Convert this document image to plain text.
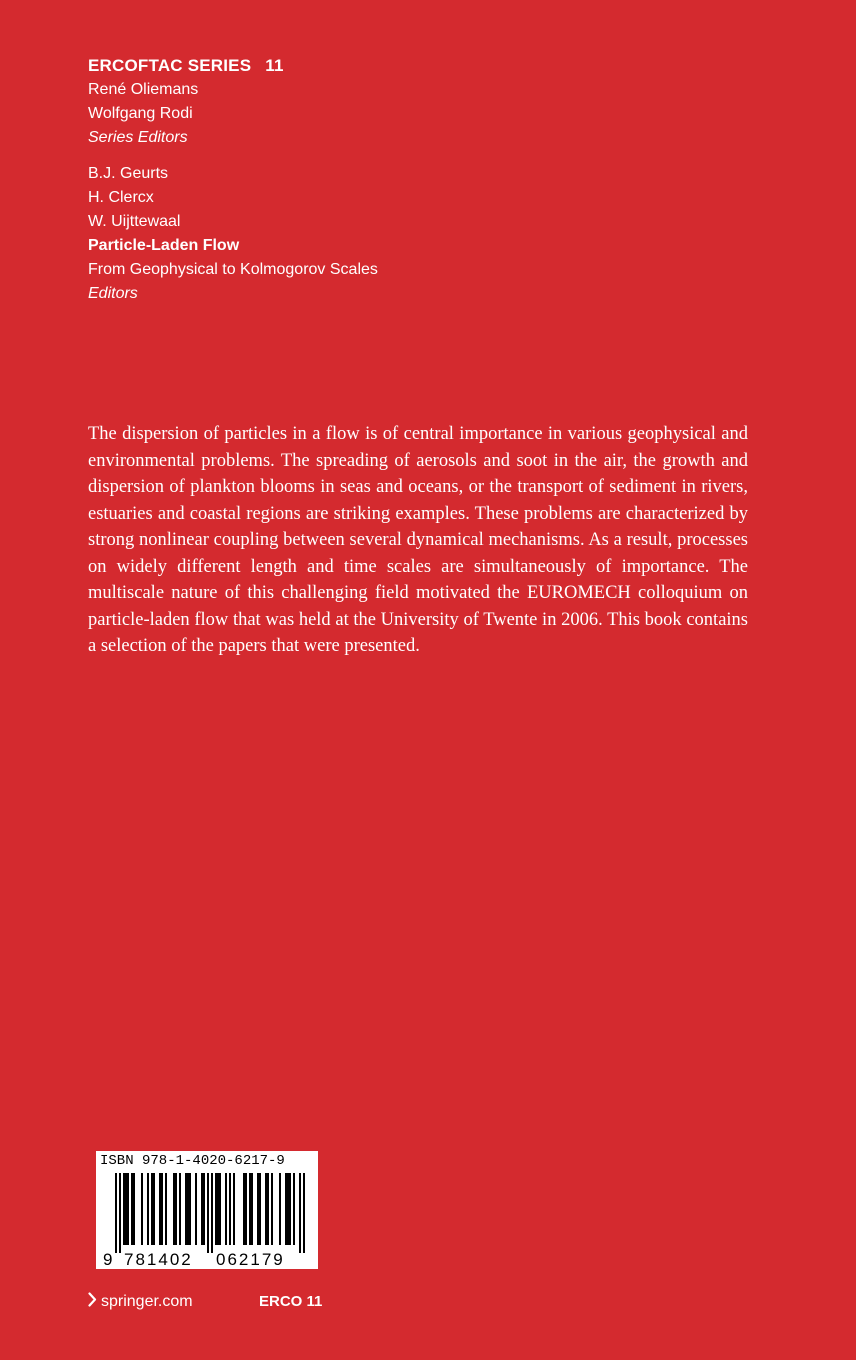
ERCOFTAC SERIES 11
René Oliemans
Wolfgang Rodi
Series Editors
B.J. Geurts
H. Clercx
W. Uijttewaal
Particle-Laden Flow
From Geophysical to Kolmogorov Scales
Editors
The dispersion of particles in a flow is of central importance in various geophysical and environmental problems. The spreading of aerosols and soot in the air, the growth and dispersion of plankton blooms in seas and oceans, or the transport of sediment in rivers, estuaries and coastal regions are striking examples. These problems are characterized by strong nonlinear coupling between several dynamical mechanisms. As a result, processes on widely different length and time scales are simultaneously of importance. The multiscale nature of this challenging field motivated the EUROMECH colloquium on particle-laden flow that was held at the University of Twente in 2006. This book contains a selection of the papers that were presented.
ISBN 978-1-4020-6217-9
9 781402 062179
springer.com	ERCO 11
